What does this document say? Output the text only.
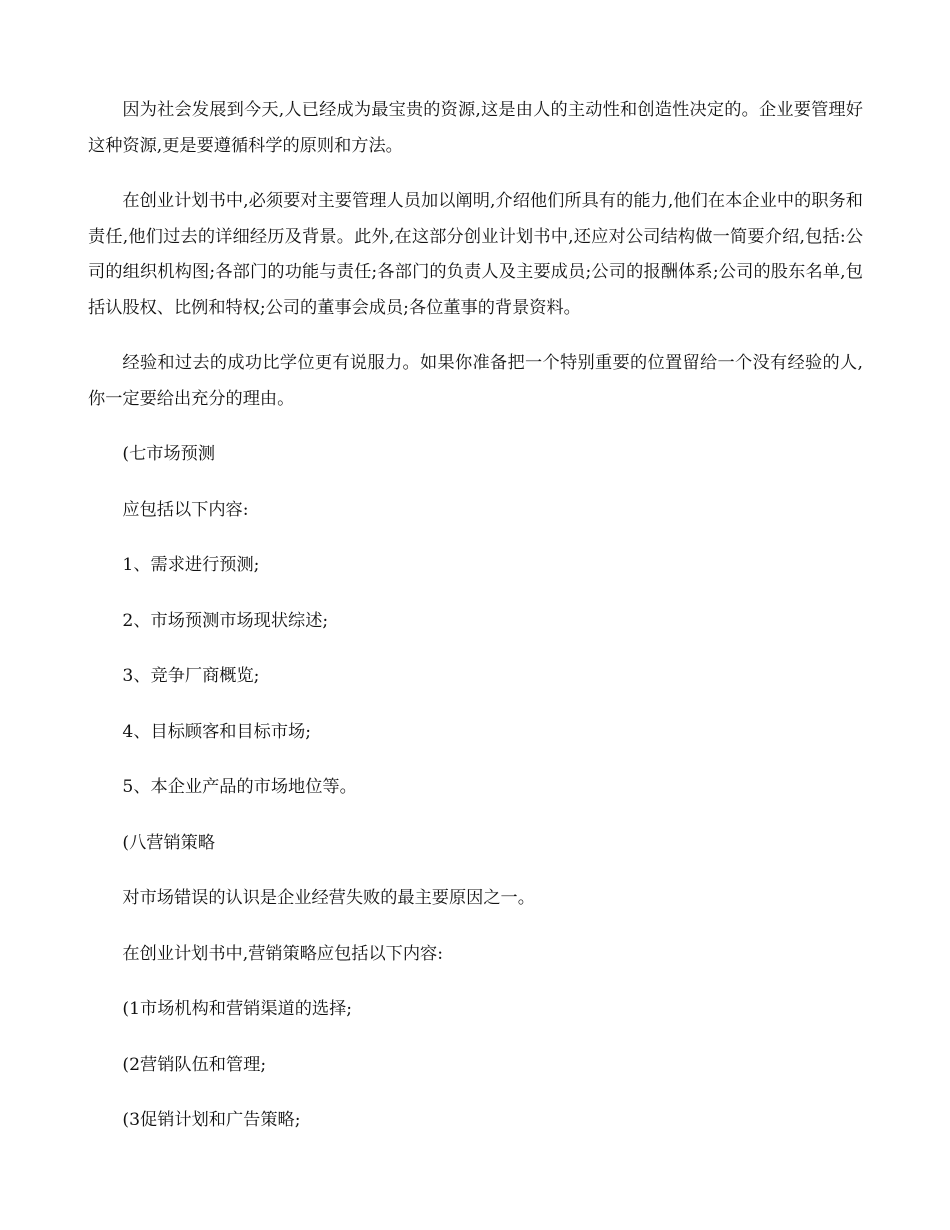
因为社会发展到今天,人已经成为最宝贵的资源,这是由人的主动性和创造性决定的。企业要管理好这种资源,更是要遵循科学的原则和方法。

在创业计划书中,必须要对主要管理人员加以阐明,介绍他们所具有的能力,他们在本企业中的职务和责任,他们过去的详细经历及背景。此外,在这部分创业计划书中,还应对公司结构做一简要介绍,包括:公司的组织机构图;各部门的功能与责任;各部门的负责人及主要成员;公司的报酬体系;公司的股东名单,包括认股权、比例和特权;公司的董事会成员;各位董事的背景资料。

经验和过去的成功比学位更有说服力。如果你准备把一个特别重要的位置留给一个没有经验的人,你一定要给出充分的理由。

(七市场预测
应包括以下内容:
1、需求进行预测;
2、市场预测市场现状综述;
3、竞争厂商概览;
4、目标顾客和目标市场;
5、本企业产品的市场地位等。
(八营销策略
对市场错误的认识是企业经营失败的最主要原因之一。
在创业计划书中,营销策略应包括以下内容:
(1市场机构和营销渠道的选择;
(2营销队伍和管理;
(3促销计划和广告策略;
